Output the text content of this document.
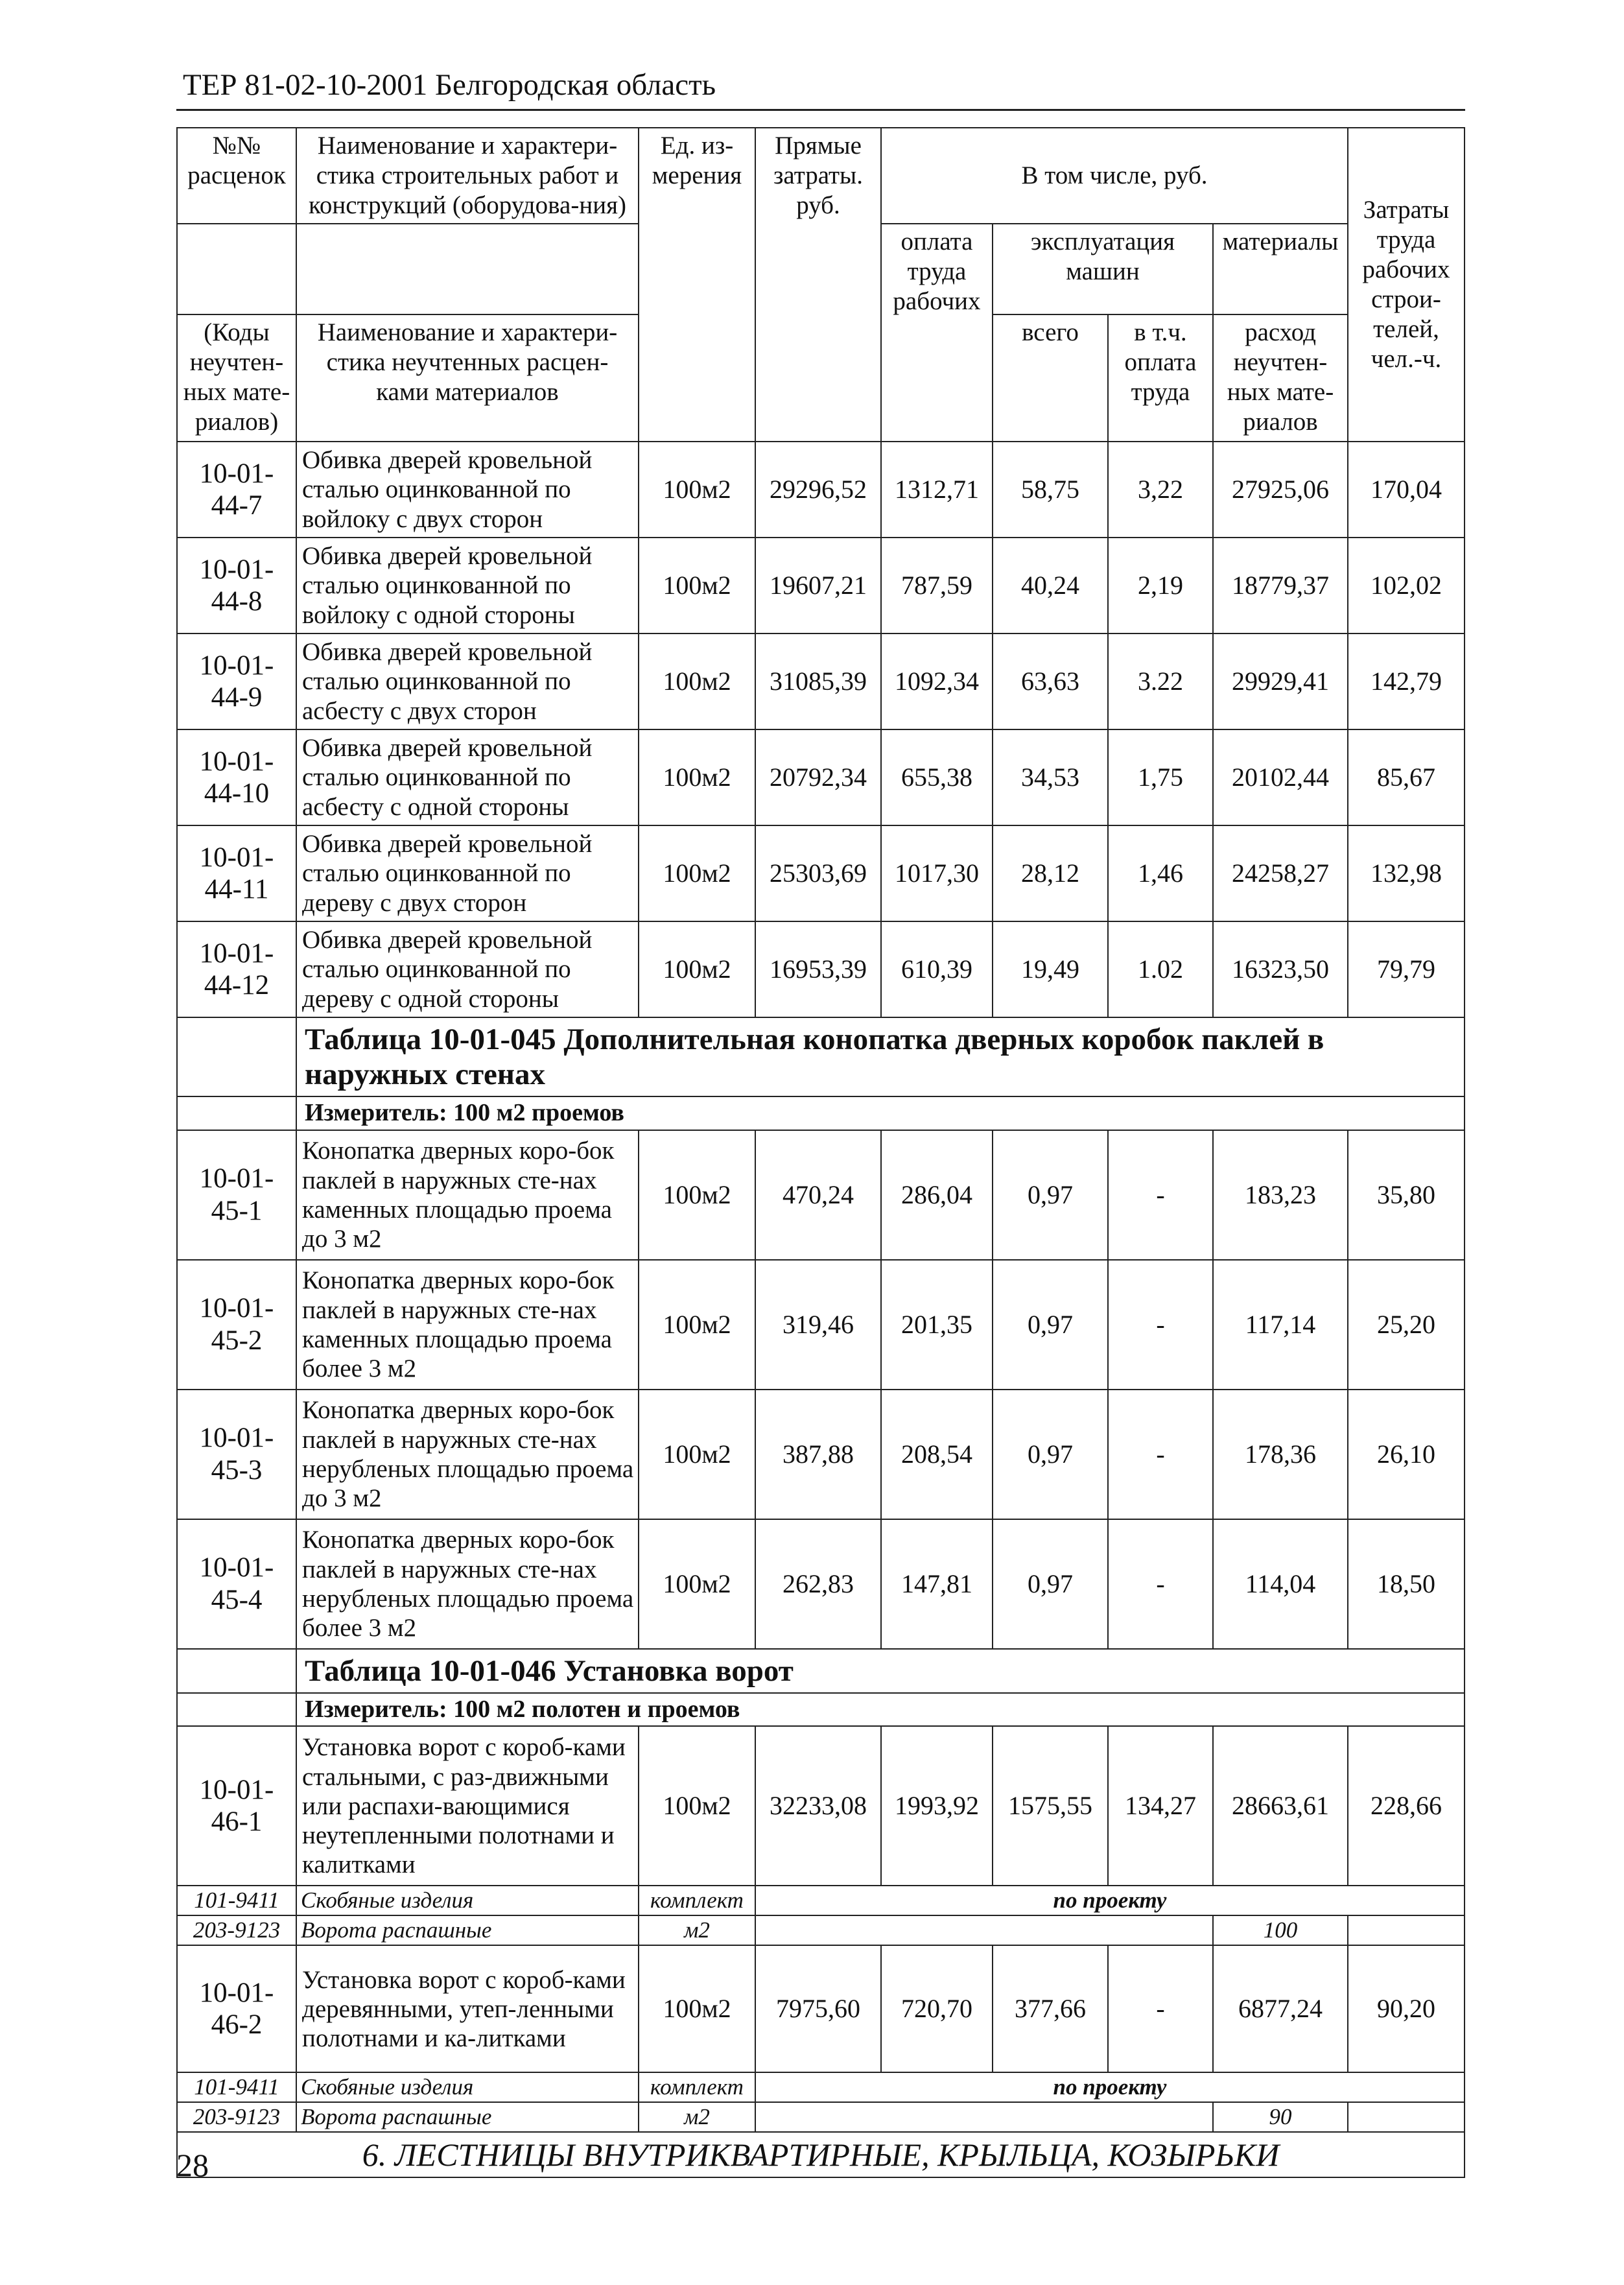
ТЕР 81-02-10-2001 Белгородская область
№№ расценок	Наименование и характери-стика строительных работ и конструкций (оборудова-ния)	Ед. из-мерения	Прямые затраты. руб.	В том числе, руб.				Затраты труда рабочих строи-телей, чел.-ч.
				оплата труда рабочих	эксплуатация машин		материалы	
(Коды неучтен-ных мате-риалов)	Наименование и характери-стика неучтенных расцен-ками материалов				всего	в т.ч. оплата труда	расход неучтен-ных мате-риалов	
10-01-44-7	Обивка дверей кровельной сталью оцинкованной по войлоку с двух сторон	100м2	29296,52	1312,71	58,75	3,22	27925,06	170,04
10-01-44-8	Обивка дверей кровельной сталью оцинкованной по войлоку с одной стороны	100м2	19607,21	787,59	40,24	2,19	18779,37	102,02
10-01-44-9	Обивка дверей кровельной сталью оцинкованной по асбесту с двух сторон	100м2	31085,39	1092,34	63,63	3.22	29929,41	142,79
10-01-44-10	Обивка дверей кровельной сталью оцинкованной по асбесту с одной стороны	100м2	20792,34	655,38	34,53	1,75	20102,44	85,67
10-01-44-11	Обивка дверей кровельной сталью оцинкованной по дереву с двух сторон	100м2	25303,69	1017,30	28,12	1,46	24258,27	132,98
10-01-44-12	Обивка дверей кровельной сталью оцинкованной по дереву с одной стороны	100м2	16953,39	610,39	19,49	1.02	16323,50	79,79
	Таблица 10-01-045 Дополнительная конопатка дверных коробок паклей в наружных стенах							
	Измеритель: 100 м2 проемов							
10-01-45-1	Конопатка дверных коро-бок паклей в наружных сте-нах каменных площадью проема до 3 м2	100м2	470,24	286,04	0,97	-	183,23	35,80
10-01-45-2	Конопатка дверных коро-бок паклей в наружных сте-нах каменных площадью проема более 3 м2	100м2	319,46	201,35	0,97	-	117,14	25,20
10-01-45-3	Конопатка дверных коро-бок паклей в наружных сте-нах нерубленых площадью проема до 3 м2	100м2	387,88	208,54	0,97	-	178,36	26,10
10-01-45-4	Конопатка дверных коро-бок паклей в наружных сте-нах нерубленых площадью проема более 3 м2	100м2	262,83	147,81	0,97	-	114,04	18,50
	Таблица 10-01-046 Установка ворот							
	Измеритель: 100 м2 полотен и проемов							
10-01-46-1	Установка ворот с короб-ками стальными, с раз-движными или распахи-вающимися неутепленными полотнами и калитками	100м2	32233,08	1993,92	1575,55	134,27	28663,61	228,66
101-9411	Скобяные изделия	комплект	по проекту					
203-9123	Ворота распашные	м2					100	
10-01-46-2	Установка ворот с короб-ками деревянными, утеп-ленными полотнами и ка-литками	100м2	7975,60	720,70	377,66	-	6877,24	90,20
101-9411	Скобяные изделия	комплект	по проекту					
203-9123	Ворота распашные	м2					90	
6. ЛЕСТНИЦЫ ВНУТРИКВАРТИРНЫЕ, КРЫЛЬЦА, КОЗЫРЬКИ								
28
